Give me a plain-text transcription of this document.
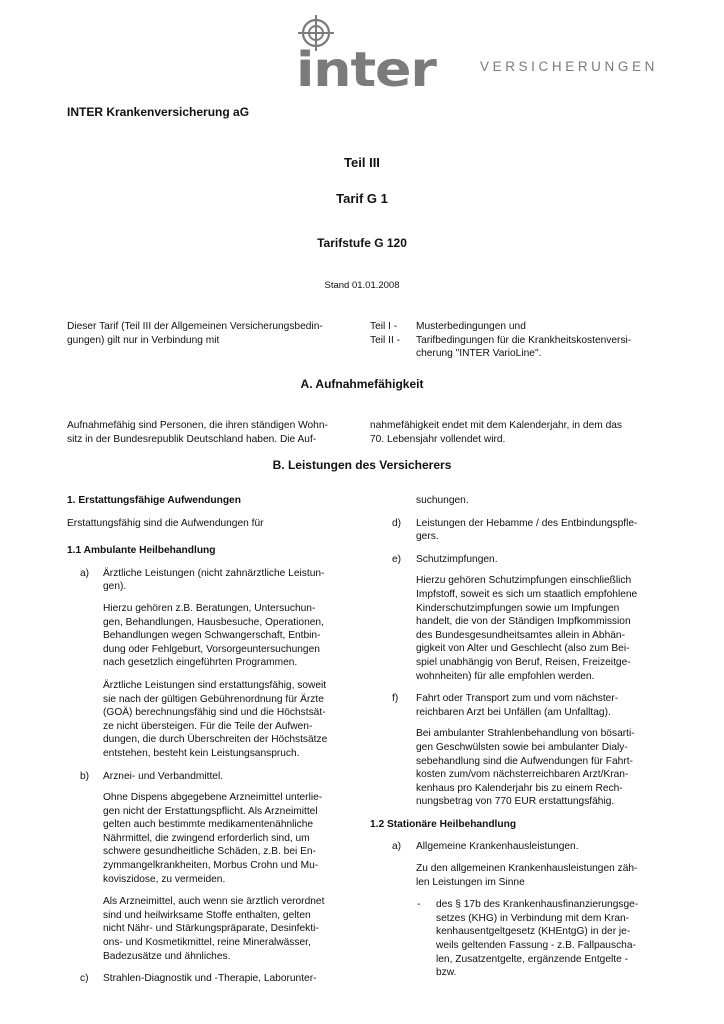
inter	VERSICHERUNGEN
INTER Krankenversicherung aG
Teil III
Tarif G 1
Tarifstufe G 120
Stand 01.01.2008
Dieser Tarif (Teil III der Allgemeinen Versicherungsbedin-
gungen) gilt nur in Verbindung mit
Teil I - Musterbedingungen und
Teil II - Tarifbedingungen für die Krankheitskostenversi-
cherung "INTER VarioLine".
A. Aufnahmefähigkeit
Aufnahmefähig sind Personen, die ihren ständigen Wohn-
sitz in der Bundesrepublik Deutschland haben. Die Auf-
nahmefähigkeit endet mit dem Kalenderjahr, in dem das
70. Lebensjahr vollendet wird.
B. Leistungen des Versicherers
1. Erstattungsfähige Aufwendungen
Erstattungsfähig sind die Aufwendungen für
1.1 Ambulante Heilbehandlung
a) Ärztliche Leistungen (nicht zahnärztliche Leistun-
gen).

Hierzu gehören z.B. Beratungen, Untersuchun-
gen, Behandlungen, Hausbesuche, Operationen,
Behandlungen wegen Schwangerschaft, Entbin-
dung oder Fehlgeburt, Vorsorgeuntersuchungen
nach gesetzlich eingeführten Programmen.

Ärztliche Leistungen sind erstattungsfähig, soweit
sie nach der gültigen Gebührenordnung für Ärzte
(GOÄ) berechnungsfähig sind und die Höchstsät-
ze nicht übersteigen. Für die Teile der Aufwen-
dungen, die durch Überschreiten der Höchstsätze
entstehen, besteht kein Leistungsanspruch.

b) Arznei- und Verbandmittel.

Ohne Dispens abgegebene Arzneimittel unterlie-
gen nicht der Erstattungspflicht. Als Arzneimittel
gelten auch bestimmte medikamentenähnliche
Nährmittel, die zwingend erforderlich sind, um
schwere gesundheitliche Schäden, z.B. bei En-
zymmangelkrankheiten, Morbus Crohn und Mu-
koviszidose, zu vermeiden.

Als Arzneimittel, auch wenn sie ärztlich verordnet
sind und heilwirksame Stoffe enthalten, gelten
nicht Nähr- und Stärkungspräparate, Desinfekti-
ons- und Kosmetikmittel, reine Mineralwässer,
Badezusätze und ähnliches.

c) Strahlen-Diagnostik und -Therapie, Laborunter-

suchungen.
d) Leistungen der Hebamme / des Entbindungspfle-
gers.

e) Schutzimpfungen.

Hierzu gehören Schutzimpfungen einschließlich
Impfstoff, soweit es sich um staatlich empfohlene
Kinderschutzimpfungen sowie um Impfungen
handelt, die von der Ständigen Impfkommission
des Bundesgesundheitsamtes allein in Abhän-
gigkeit von Alter und Geschlecht (also zum Bei-
spiel unabhängig von Beruf, Reisen, Freizeitge-
wohnheiten) für alle empfohlen werden.

f) Fahrt oder Transport zum und vom nächster-
reichbaren Arzt bei Unfällen (am Unfalltag).

Bei ambulanter Strahlenbehandlung von bösarti-
gen Geschwülsten sowie bei ambulanter Dialy-
sebehandlung sind die Aufwendungen für Fahrt-
kosten zum/vom nächsterreichbaren Arzt/Kran-
kenhaus pro Kalenderjahr bis zu einem Rech-
nungsbetrag von 770 EUR erstattungsfähig.

1.2 Stationäre Heilbehandlung
a) Allgemeine Krankenhausleistungen.

Zu den allgemeinen Krankenhausleistungen zäh-
len Leistungen im Sinne

- des § 17b des Krankenhausfinanzierungsge-
setzes (KHG) in Verbindung mit dem Kran-
kenhausentgeltgesetz (KHEntgG) in der je-
weils geltenden Fassung - z.B. Fallpauscha-
len, Zusatzentgelte, ergänzende Entgelte -
bzw.
